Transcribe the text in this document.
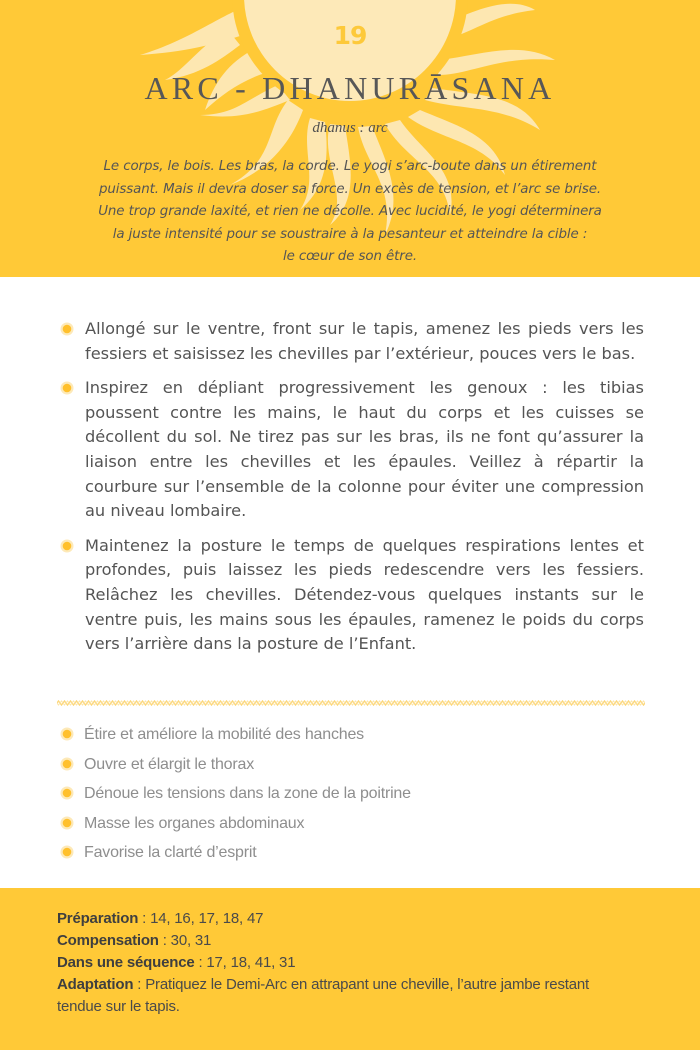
19
ARC - DHANURĀSANA
dhanus : arc
Le corps, le bois. Les bras, la corde. Le yogi s’arc-boute dans un étirement
puissant. Mais il devra doser sa force. Un excès de tension, et l’arc se brise.
Une trop grande laxité, et rien ne décolle. Avec lucidité, le yogi déterminera
la juste intensité pour se soustraire à la pesanteur et atteindre la cible :
le cœur de son être.
Allongé sur le ventre, front sur le tapis, amenez les pieds vers les fessiers et saisissez les chevilles par l’extérieur, pouces vers le bas.
Inspirez en dépliant progressivement les genoux : les tibias poussent contre les mains, le haut du corps et les cuisses se décollent du sol. Ne tirez pas sur les bras, ils ne font qu’assurer la liaison entre les chevilles et les épaules. Veillez à répartir la courbure sur l’ensemble de la colonne pour éviter une compression au niveau lombaire.
Maintenez la posture le temps de quelques respirations lentes et profondes, puis laissez les pieds redescendre vers les fessiers. Relâchez les chevilles. Détendez-vous quelques instants sur le ventre puis, les mains sous les épaules, ramenez le poids du corps vers l’arrière dans la posture de l’Enfant.
Étire et améliore la mobilité des hanches
Ouvre et élargit le thorax
Dénoue les tensions dans la zone de la poitrine
Masse les organes abdominaux
Favorise la clarté d’esprit
Préparation : 14, 16, 17, 18, 47
Compensation : 30, 31
Dans une séquence : 17, 18, 41, 31
Adaptation : Pratiquez le Demi-Arc en attrapant une cheville, l’autre jambe restant tendue sur le tapis.
